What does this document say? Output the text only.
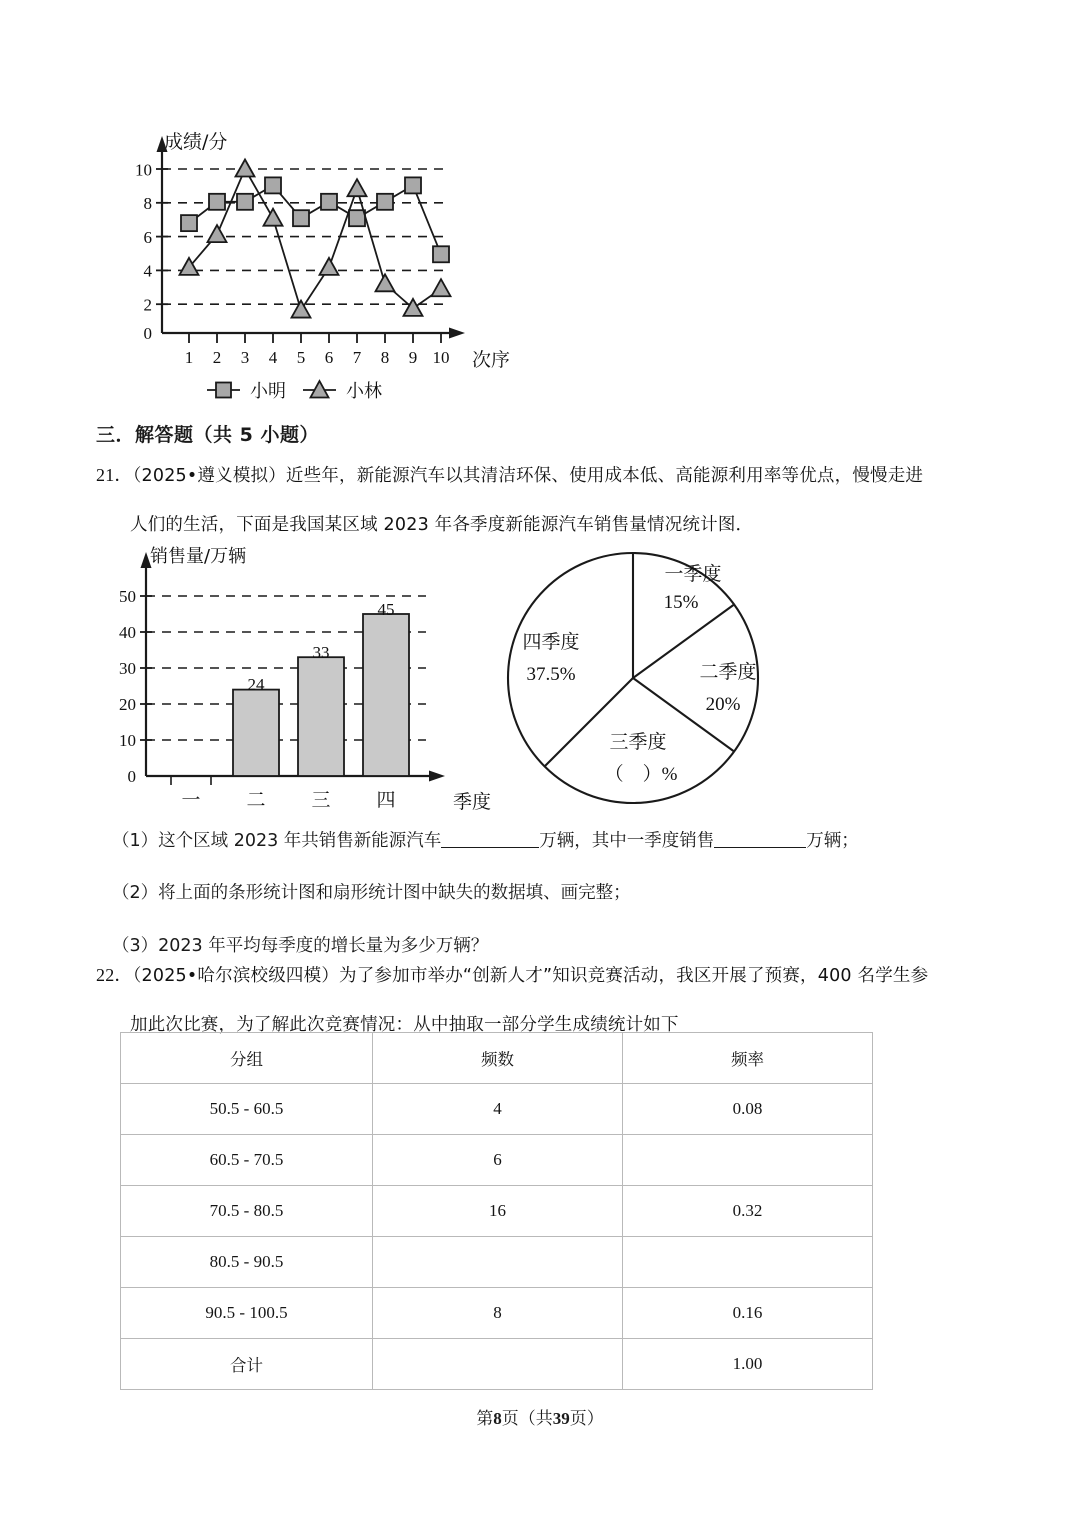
成绩/分
0
2
4
6
8
10
1 2 3 4 5 6 7 8 9 10 次序
小明	小林
三．解答题（共 5 小题）
21．（2025•遵义模拟）近些年，新能源汽车以其清洁环保、使用成本低、高能源利用率等优点，慢慢走进
人们的生活，下面是我国某区域 2023 年各季度新能源汽车销售量情况统计图．
销售量/万辆
0
10
20
30
40
50
24
33
45
一 二 三 四	季度
一季度
15%
二季度
20%
三季度
（　）%
四季度
37.5%
（1）这个区域 2023 年共销售新能源汽车	万辆，其中一季度销售	万辆；
（2）将上面的条形统计图和扇形统计图中缺失的数据填、画完整；
（3）2023 年平均每季度的增长量为多少万辆？
22．（2025•哈尔滨校级四模）为了参加市举办“创新人才”知识竞赛活动，我区开展了预赛，400 名学生参
加此次比赛，为了解此次竞赛情况：从中抽取一部分学生成绩统计如下
分组	频数	频率
50.5 - 60.5	4	0.08
60.5 - 70.5	6	
70.5 - 80.5	16	0.32
80.5 - 90.5		
90.5 - 100.5	8	0.16
合计		1.00
第8页（共39页）
